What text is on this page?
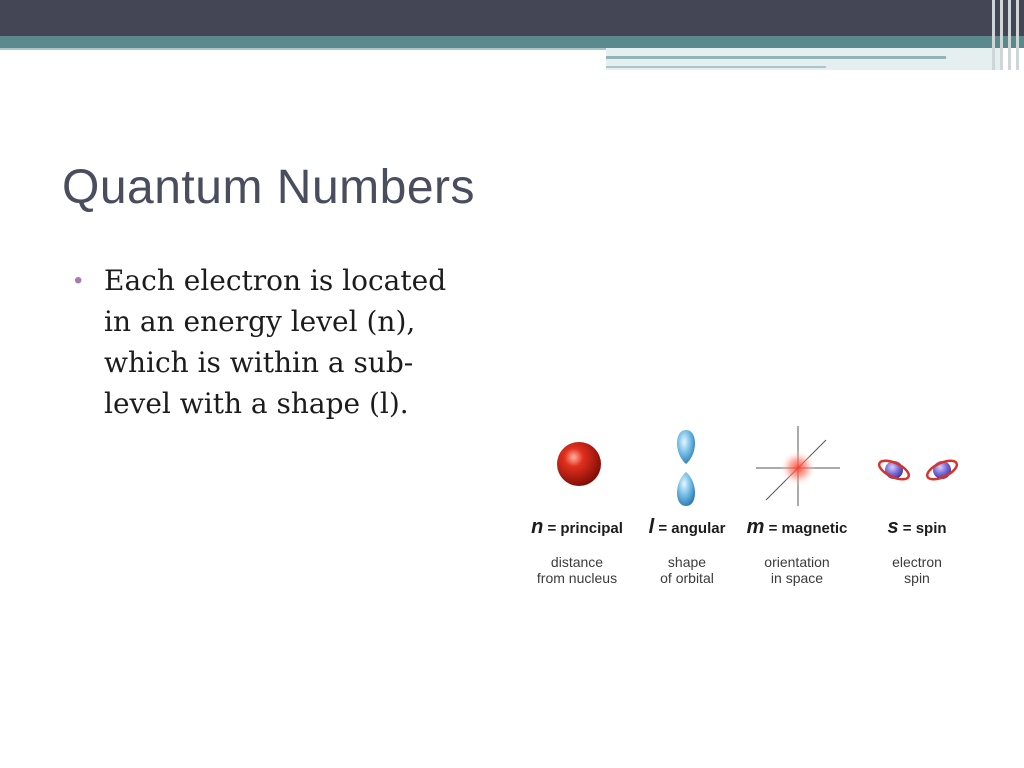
Quantum Numbers
• Each electron is located
in an energy level (n),
which is within a sub-
level with a shape (l).
n = principal
distance
from nucleus
l = angular
shape
of orbital
m = magnetic
orientation
in space
s = spin
electron
spin
